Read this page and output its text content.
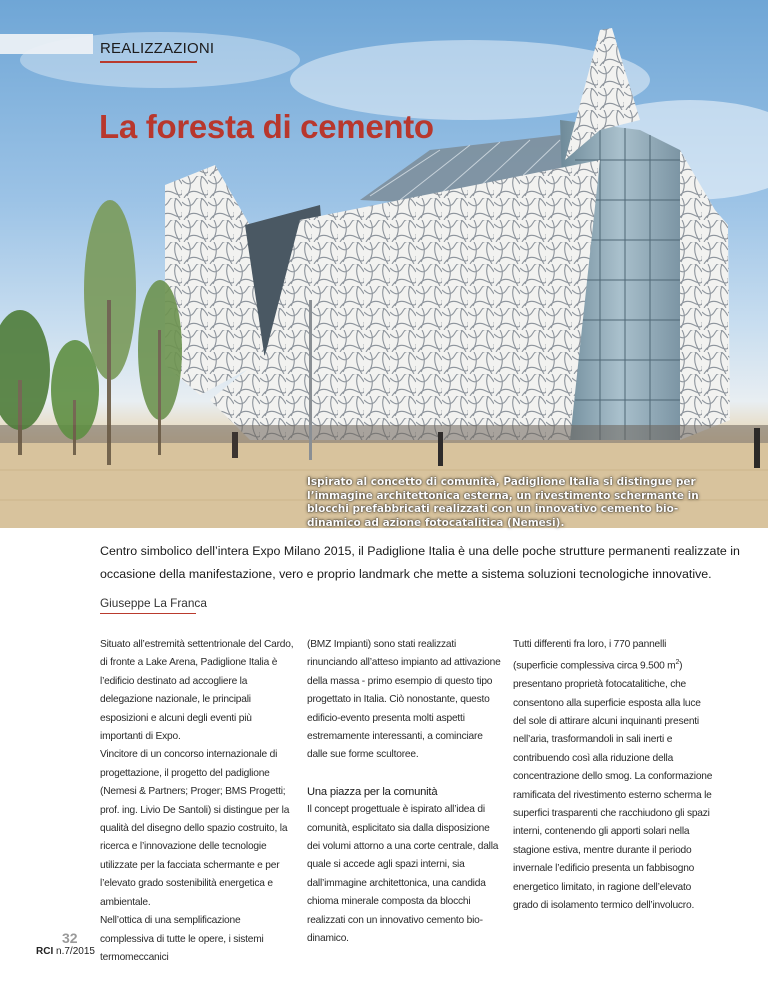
REALIZZAZIONI
La foresta di cemento
Ispirato al concetto di comunità, Padiglione Italia si distingue per l’immagine architettonica esterna, un rivestimento schermante in blocchi prefabbricati realizzati con un innovativo cemento bio-dinamico ad azione fotocatalitica (Nemesi).
Centro simbolico dell’intera Expo Milano 2015, il Padiglione Italia è una delle poche strutture permanenti realizzate in occasione della manifestazione, vero e proprio landmark che mette a sistema soluzioni tecnologiche innovative.
Giuseppe La Franca

Situato all’estremità settentrionale del Cardo, di fronte a Lake Arena, Padiglione Italia è l’edificio destinato ad accogliere la delegazione nazionale, le principali esposizioni e alcuni degli eventi più importanti di Expo.

Vincitore di un concorso internazionale di progettazione, il progetto del padiglione (Nemesi & Partners; Proger; BMS Progetti; prof. ing. Livio De Santoli) si distingue per la qualità del disegno dello spazio costruito, la ricerca e l’innovazione delle tecnologie utilizzate per la facciata schermante e per l’elevato grado sostenibilità energetica e ambientale.

Nell’ottica di una semplificazione complessiva di tutte le opere, i sistemi termomeccanici

(BMZ Impianti) sono stati realizzati rinunciando all’atteso impianto ad attivazione della massa - primo esempio di questo tipo progettato in Italia. Ciò nonostante, questo edificio-evento presenta molti aspetti estremamente interessanti, a cominciare dalle sue forme scultoree.

Una piazza per la comunità

Il concept progettuale è ispirato all’idea di comunità, esplicitato sia dalla disposizione dei volumi attorno a una corte centrale, dalla quale si accede agli spazi interni, sia dall’immagine architettonica, una candida chioma minerale composta da blocchi realizzati con un innovativo cemento bio-dinamico.

Tutti differenti fra loro, i 770 pannelli (superficie complessiva circa 9.500 $m^2$) presentano proprietà fotocatalitiche, che consentono alla superficie esposta alla luce del sole di attirare alcuni inquinanti presenti nell’aria, trasformandoli in sali inerti e contribuendo così alla riduzione della concentrazione dello smog. La conformazione ramificata del rivestimento esterno scherma le superfici trasparenti che racchiudono gli spazi interni, contenendo gli apporti solari nella stagione estiva, mentre durante il periodo invernale l’edificio presenta un fabbisogno energetico limitato, in ragione dell’elevato grado di isolamento termico dell’involucro.

32
RCI n.7/2015
